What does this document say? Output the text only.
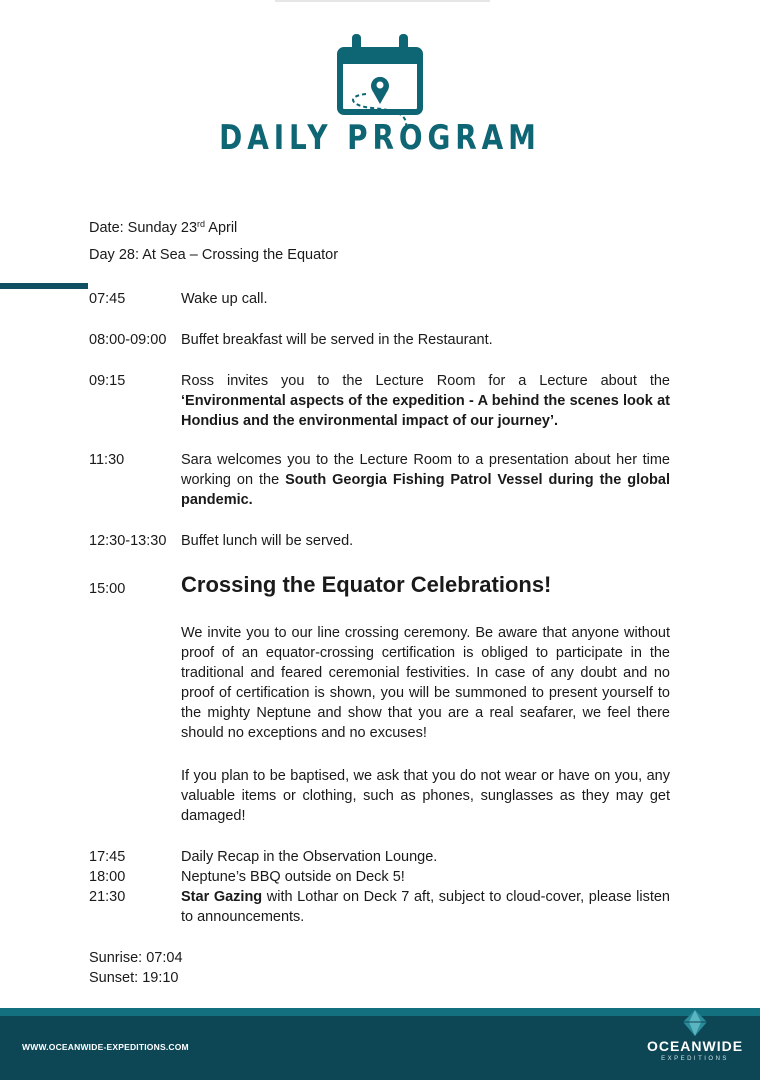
DAILY PROGRAM
Date: Sunday 23rd April
Day 28: At Sea – Crossing the Equator
07:45	Wake up call.
08:00-09:00 Buffet breakfast will be served in the Restaurant.
09:15	Ross invites you to the Lecture Room for a Lecture about the ‘Environmental aspects of the expedition - A behind the scenes look at Hondius and the environmental impact of our journey’.
11:30	Sara welcomes you to the Lecture Room to a presentation about her time working on the South Georgia Fishing Patrol Vessel during the global pandemic.
12:30-13:30 Buffet lunch will be served.
15:00	Crossing the Equator Celebrations!
We invite you to our line crossing ceremony. Be aware that anyone without proof of an equator-crossing certification is obliged to participate in the traditional and feared ceremonial festivities. In case of any doubt and no proof of certification is shown, you will be summoned to present yourself to the mighty Neptune and show that you are a real seafarer, we feel there should no exceptions and no excuses!
If you plan to be baptised, we ask that you do not wear or have on you, any valuable items or clothing, such as phones, sunglasses as they may get damaged!
17:45	Daily Recap in the Observation Lounge.
18:00	Neptune’s BBQ outside on Deck 5!
21:30	Star Gazing with Lothar on Deck 7 aft, subject to cloud-cover, please listen to announcements.
Sunrise: 07:04
Sunset: 19:10
WWW.OCEANWIDE-EXPEDITIONS.COM	OCEANWIDE
EXPEDITIONS
